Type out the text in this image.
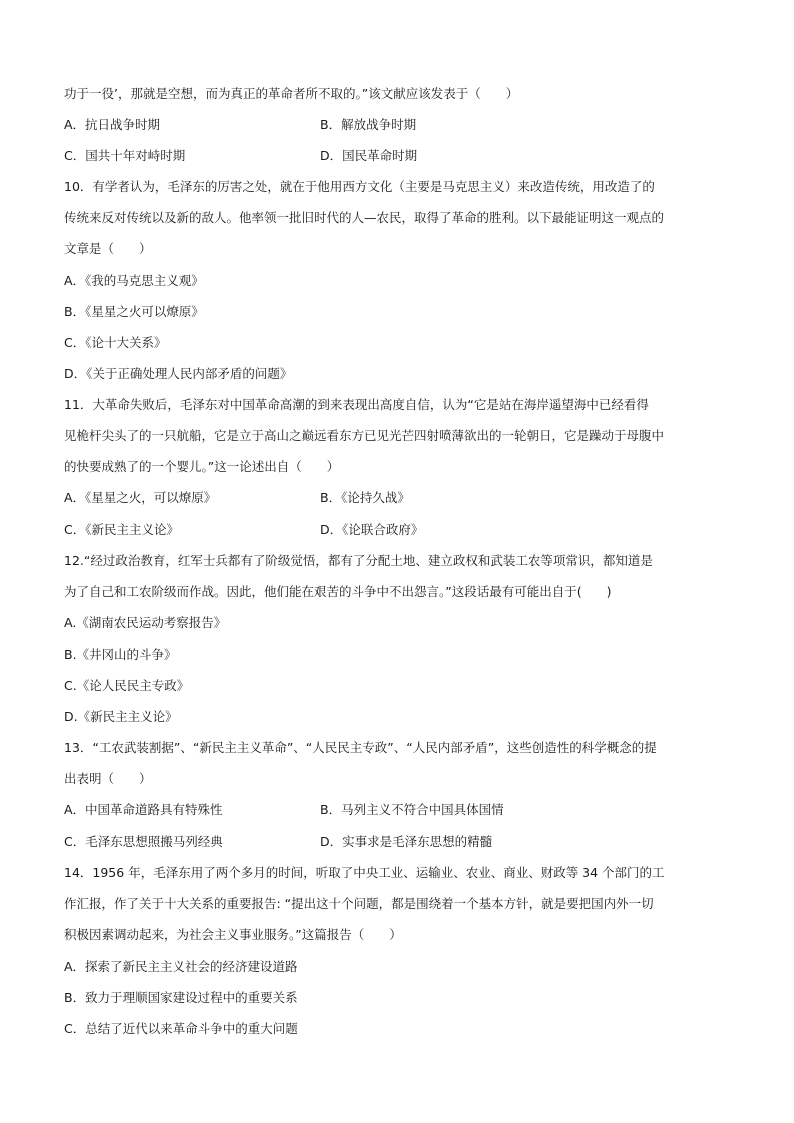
功于一役’，那就是空想，而为真正的革命者所不取的。”该文献应该发表于（　　）
A．抗日战争时期	B．解放战争时期
C．国共十年对峙时期	D．国民革命时期
10．有学者认为，毛泽东的厉害之处，就在于他用西方文化（主要是马克思主义）来改造传统，用改造了的
传统来反对传统以及新的敌人。他率领一批旧时代的人—农民，取得了革命的胜利。以下最能证明这一观点的
文章是（　　）
A．《我的马克思主义观》
B．《星星之火可以燎原》
C．《论十大关系》
D．《关于正确处理人民内部矛盾的问题》
11．大革命失败后，毛泽东对中国革命高潮的到来表现出高度自信，认为“它是站在海岸遥望海中已经看得
见桅杆尖头了的一只航船，它是立于高山之巅远看东方已见光芒四射喷薄欲出的一轮朝日，它是躁动于母腹中
的快要成熟了的一个婴儿。”这一论述出自（　　）
A．《星星之火，可以燎原》	B．《论持久战》
C．《新民主主义论》	D．《论联合政府》
12.“经过政治教育，红军士兵都有了阶级觉悟，都有了分配土地、建立政权和武装工农等项常识，都知道是
为了自己和工农阶级而作战。因此，他们能在艰苦的斗争中不出怨言。”这段话最有可能出自于(　　)
A.《湖南农民运动考察报告》
B.《井冈山的斗争》
C.《论人民民主专政》
D.《新民主主义论》
13．“工农武装割据”、“新民主主义革命”、“人民民主专政”、“人民内部矛盾”，这些创造性的科学概念的提
出表明（　　）
A．中国革命道路具有特殊性	B．马列主义不符合中国具体国情
C．毛泽东思想照搬马列经典	D．实事求是毛泽东思想的精髓
14．1956 年，毛泽东用了两个多月的时间，听取了中央工业、运输业、农业、商业、财政等 34 个部门的工
作汇报，作了关于十大关系的重要报告: “提出这十个问题，都是围绕着一个基本方针，就是要把国内外一切
积极因素调动起来，为社会主义事业服务。”这篇报告（　　）
A．探索了新民主主义社会的经济建设道路
B．致力于理顺国家建设过程中的重要关系
C．总结了近代以来革命斗争中的重大问题
